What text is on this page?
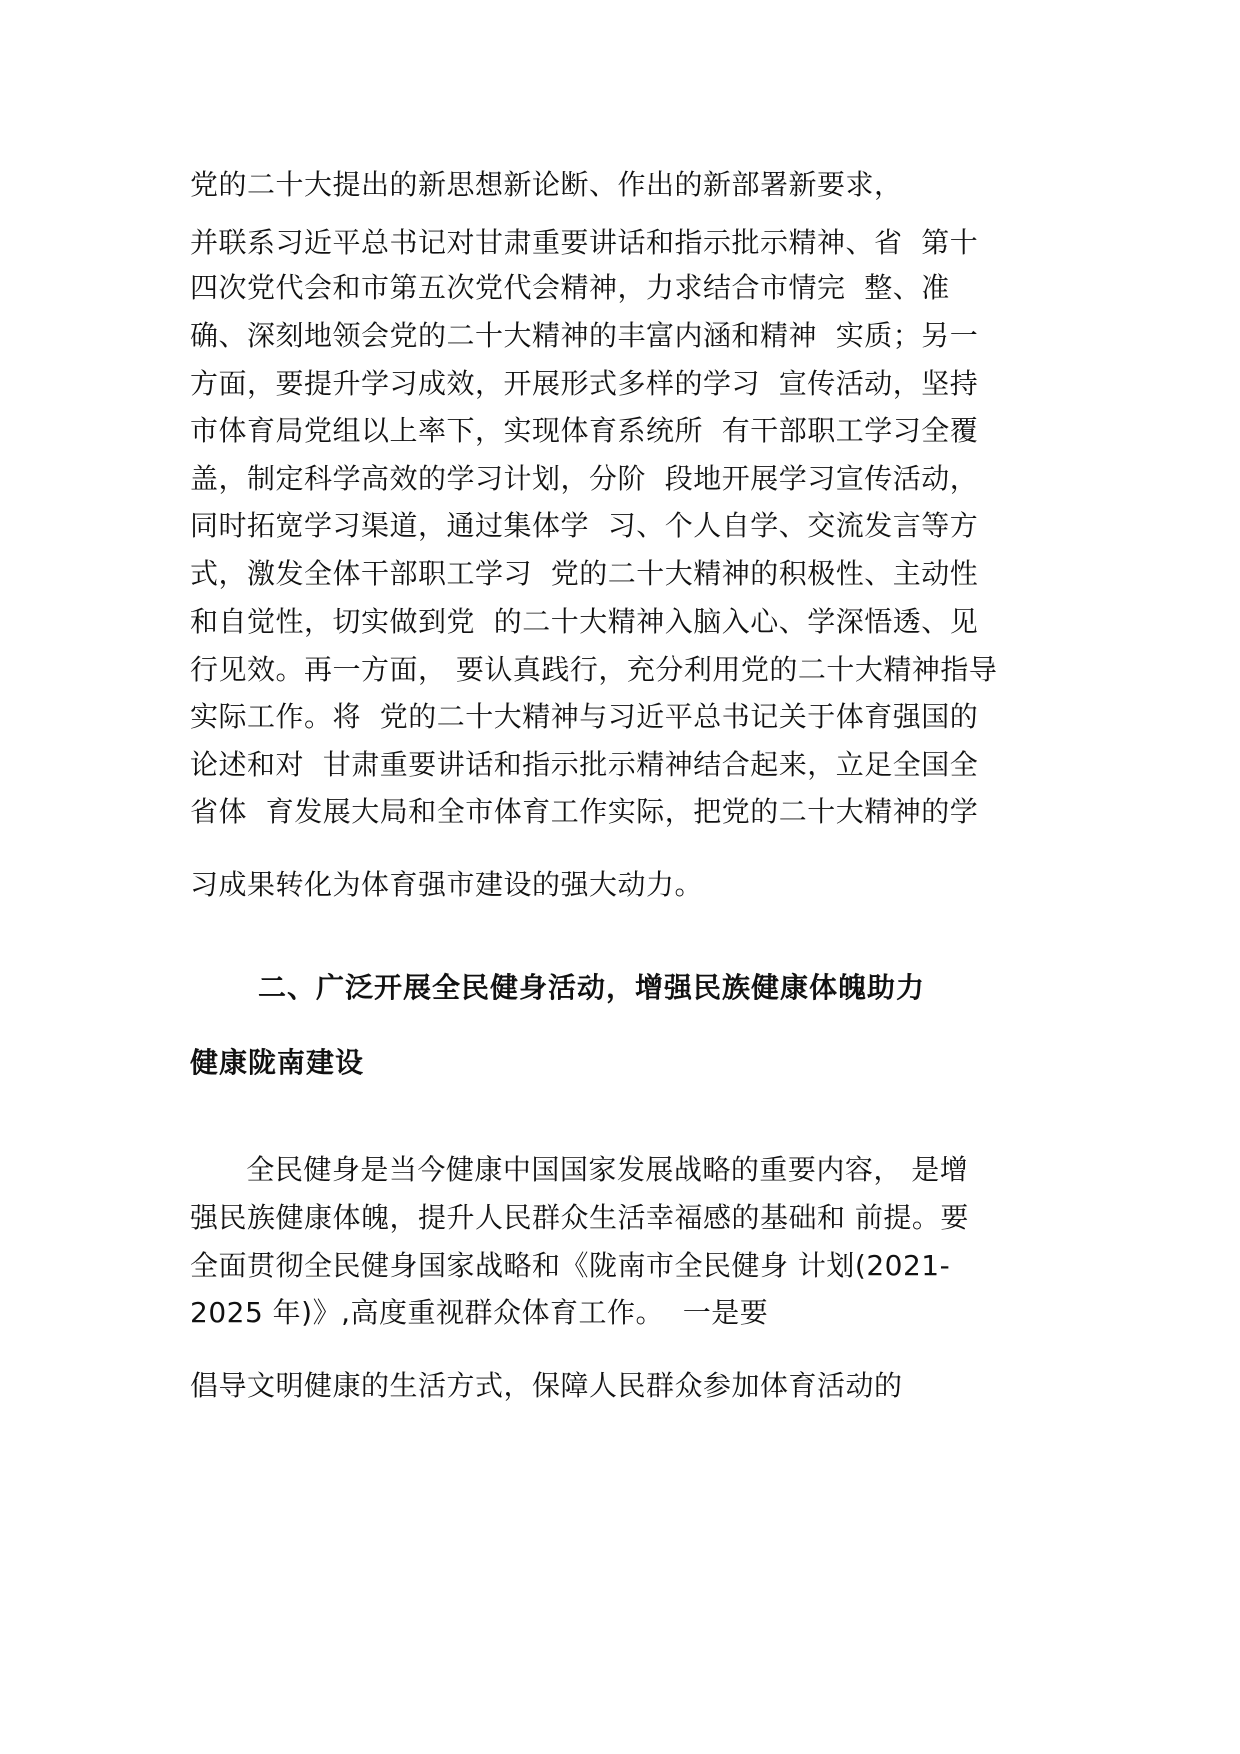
党的二十大提出的新思想新论断、作出的新部署新要求，
并联系习近平总书记对甘肃重要讲话和指示批示精神、省  第十
四次党代会和市第五次党代会精神，力求结合市情完  整、准
确、深刻地领会党的二十大精神的丰富内涵和精神  实质；另一
方面，要提升学习成效，开展形式多样的学习  宣传活动，坚持
市体育局党组以上率下，实现体育系统所  有干部职工学习全覆
盖，制定科学高效的学习计划，分阶  段地开展学习宣传活动，
同时拓宽学习渠道，通过集体学  习、个人自学、交流发言等方
式，激发全体干部职工学习  党的二十大精神的积极性、主动性
和自觉性，切实做到党  的二十大精神入脑入心、学深悟透、见
行见效。再一方面， 要认真践行，充分利用党的二十大精神指导
实际工作。将  党的二十大精神与习近平总书记关于体育强国的
论述和对  甘肃重要讲话和指示批示精神结合起来，立足全国全
省体  育发展大局和全市体育工作实际，把党的二十大精神的学
习成果转化为体育强市建设的强大动力。
二、广泛开展全民健身活动，增强民族健康体魄助力
健康陇南建设
全民健身是当今健康中国国家发展战略的重要内容， 是增
强民族健康体魄，提升人民群众生活幸福感的基础和 前提。要
全面贯彻全民健身国家战略和《陇南市全民健身 计划(2021-
2025 年)》,高度重视群众体育工作。  一是要
倡导文明健康的生活方式，保障人民群众参加体育活动的
